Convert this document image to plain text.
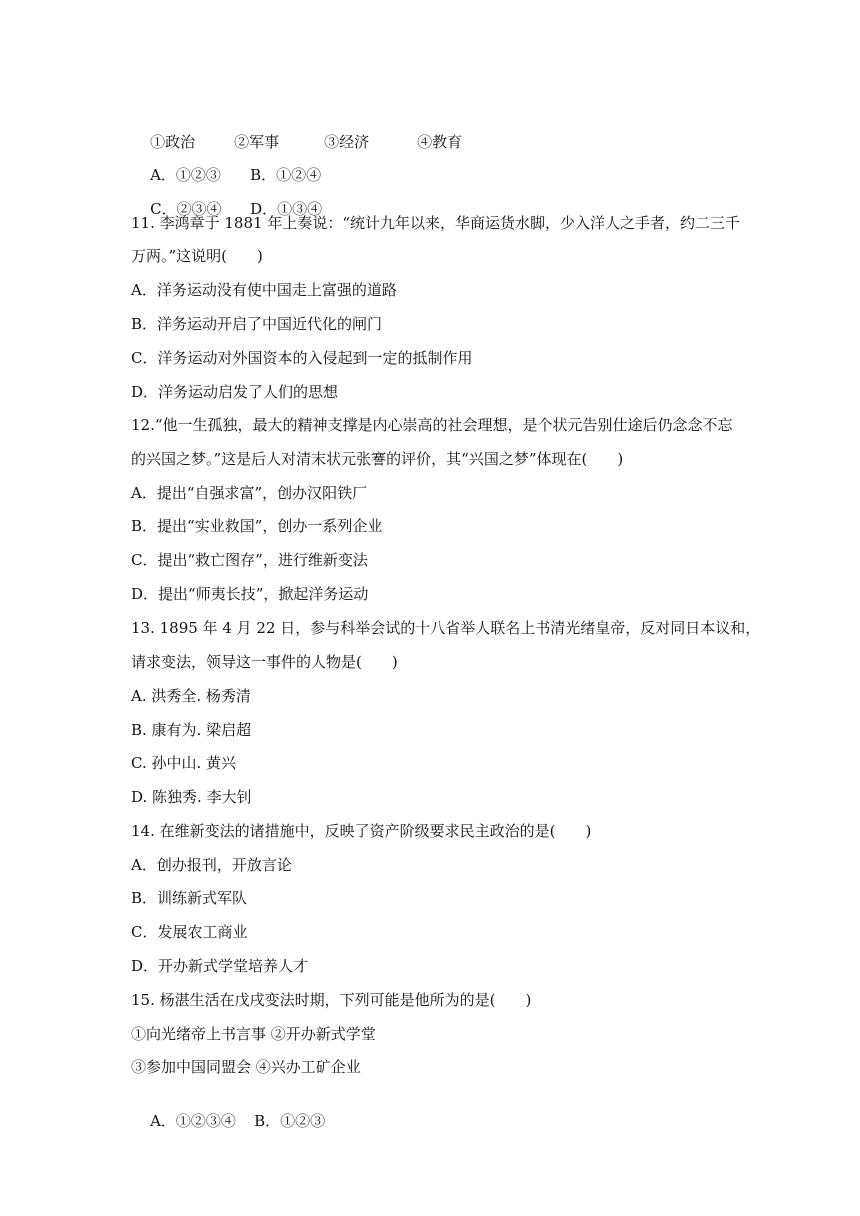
①政治	②军事	③经济	④教育

A．①②③ B．①②④

C．②③④ D．①③④

11. 李鸿章于 1881 年上奏说：“统计九年以来，华商运货水脚，少入洋人之手者，约二三千
万两。”这说明(　　)
A．洋务运动没有使中国走上富强的道路
B．洋务运动开启了中国近代化的闸门
C．洋务运动对外国资本的入侵起到一定的抵制作用
D．洋务运动启发了人们的思想
12.“他一生孤独，最大的精神支撑是内心崇高的社会理想，是个状元告别仕途后仍念念不忘
的兴国之梦。”这是后人对清末状元张謇的评价，其“兴国之梦”体现在(　　)
A．提出“自强求富”，创办汉阳铁厂
B．提出“实业救国”，创办一系列企业
C．提出“救亡图存”，进行维新变法
D．提出“师夷长技”，掀起洋务运动
13. 1895 年 4 月 22 日，参与科举会试的十八省举人联名上书清光绪皇帝，反对同日本议和，
请求变法，领导这一事件的人物是(　　)
A. 洪秀全. 杨秀清
B. 康有为. 梁启超
C. 孙中山. 黄兴
D. 陈独秀. 李大钊
14. 在维新变法的诸措施中，反映了资产阶级要求民主政治的是(　　)
A．创办报刊，开放言论
B．训练新式军队
C．发展农工商业
D．开办新式学堂培养人才
15. 杨湛生活在戊戌变法时期，下列可能是他所为的是(　　)
①向光绪帝上书言事 ②开办新式学堂
③参加中国同盟会 ④兴办工矿企业

A．①②③④ B．①②③
